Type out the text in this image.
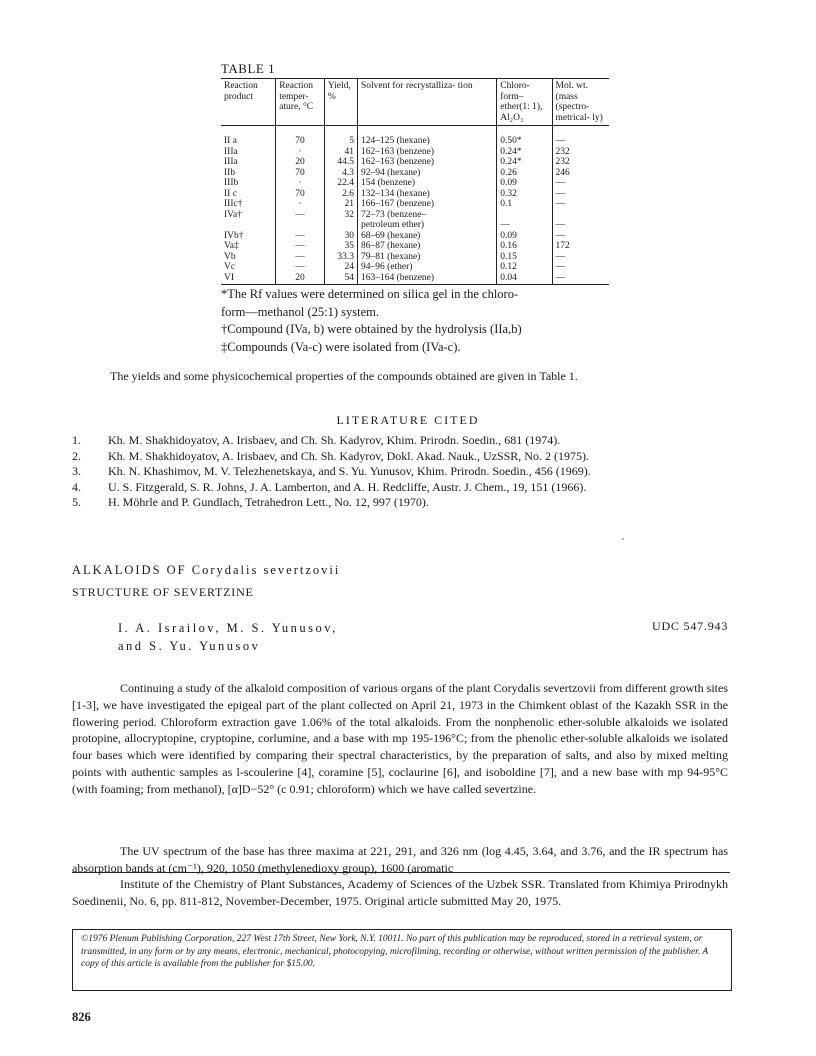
TABLE 1
Reaction product	Reaction temper- ature, °C	Yield, %	Solvent for recrystalliza- tion	Chloro- form– ether(1: 1), Al₂O₃	Mol. wt. (mass (spectro- metrical- ly)
II a	70	5	124–125 (hexane)	0.50*	—
IIIa	·	41	162–163 (benzene)	0.24*	232
IIIa	20	44.5	162–163 (benzene)	0.24*	232
IIb	70	4.3	92–94 (hexane)	0.26	246
IIIb	·	22.4	154 (benzene)	0.09	—
II c	70	2.6	132–134 (hexane)	0.32	—
IIIc†	·	21	166–167 (benzene)	0.1	—
IVa†	—	32	72–73 (benzene–		
			petroleum ether)	—	—
IVb†	—	30	68–69 (hexane)	0.09	—
Va‡	—	35	86–87 (hexane)	0.16	172
Vb	—	33.3	79–81 (hexane)	0.15	—
Vc	—	24	94–96 (ether)	0.12	—
VI	20	54	163–164 (benzene)	0.04	—
*The Rf values were determined on silica gel in the chloro-
form—methanol (25:1) system.
†Compound (IVa, b) were obtained by the hydrolysis (IIa,b)
‡Compounds (Va-c) were isolated from (IVa-c).
The yields and some physicochemical properties of the compounds obtained are given in Table 1.
LITERATURE CITED
1.	Kh. M. Shakhidoyatov, A. Irisbaev, and Ch. Sh. Kadyrov, Khim. Prirodn. Soedin., 681 (1974).
2.	Kh. M. Shakhidoyatov, A. Irisbaev, and Ch. Sh. Kadyrov, Dokl. Akad. Nauk., UzSSR, No. 2 (1975).
3.	Kh. N. Khashimov, M. V. Telezhenetskaya, and S. Yu. Yunusov, Khim. Prirodn. Soedin., 456 (1969).
4.	U. S. Fitzgerald, S. R. Johns, J. A. Lamberton, and A. H. Redcliffe, Austr. J. Chem., 19, 151 (1966).
5.	H. Möhrle and P. Gundlach, Tetrahedron Lett., No. 12, 997 (1970).
ALKALOIDS OF Corydalis severtzovii
STRUCTURE OF SEVERTZINE
I. A. Israilov, M. S. Yunusov,
and S. Yu. Yunusov
UDC 547.943
Continuing a study of the alkaloid composition of various organs of the plant Corydalis severtzovii from different growth sites [1-3], we have investigated the epigeal part of the plant collected on April 21, 1973 in the Chimkent oblast of the Kazakh SSR in the flowering period. Chloroform extraction gave 1.06% of the total alkaloids. From the nonphenolic ether-soluble alkaloids we isolated protopine, allocryptopine, cryptopine, corlumine, and a base with mp 195-196°C; from the phenolic ether-soluble alkaloids we isolated four bases which were identified by comparing their spectral characteristics, by the preparation of salts, and also by mixed melting points with authentic samples as l-scoulerine [4], coramine [5], coclaurine [6], and isoboldine [7], and a new base with mp 94-95°C (with foaming; from methanol), [α]D−52° (c 0.91; chloroform) which we have called severtzine.
The UV spectrum of the base has three maxima at 221, 291, and 326 nm (log 4.45, 3.64, and 3.76, and the IR spectrum has absorption bands at (cm⁻¹), 920, 1050 (methylenedioxy group), 1600 (aromatic
Institute of the Chemistry of Plant Substances, Academy of Sciences of the Uzbek SSR. Translated from Khimiya Prirodnykh Soedinenii, No. 6, pp. 811-812, November-December, 1975. Original article submitted May 20, 1975.
©1976 Plenum Publishing Corporation, 227 West 17th Street, New York, N.Y. 10011. No part of this publication may be reproduced, stored in a retrieval system, or transmitted, in any form or by any means, electronic, mechanical, photocopying, microfilming, recording or otherwise, without written permission of the publisher. A copy of this article is available from the publisher for $15.00.
826
